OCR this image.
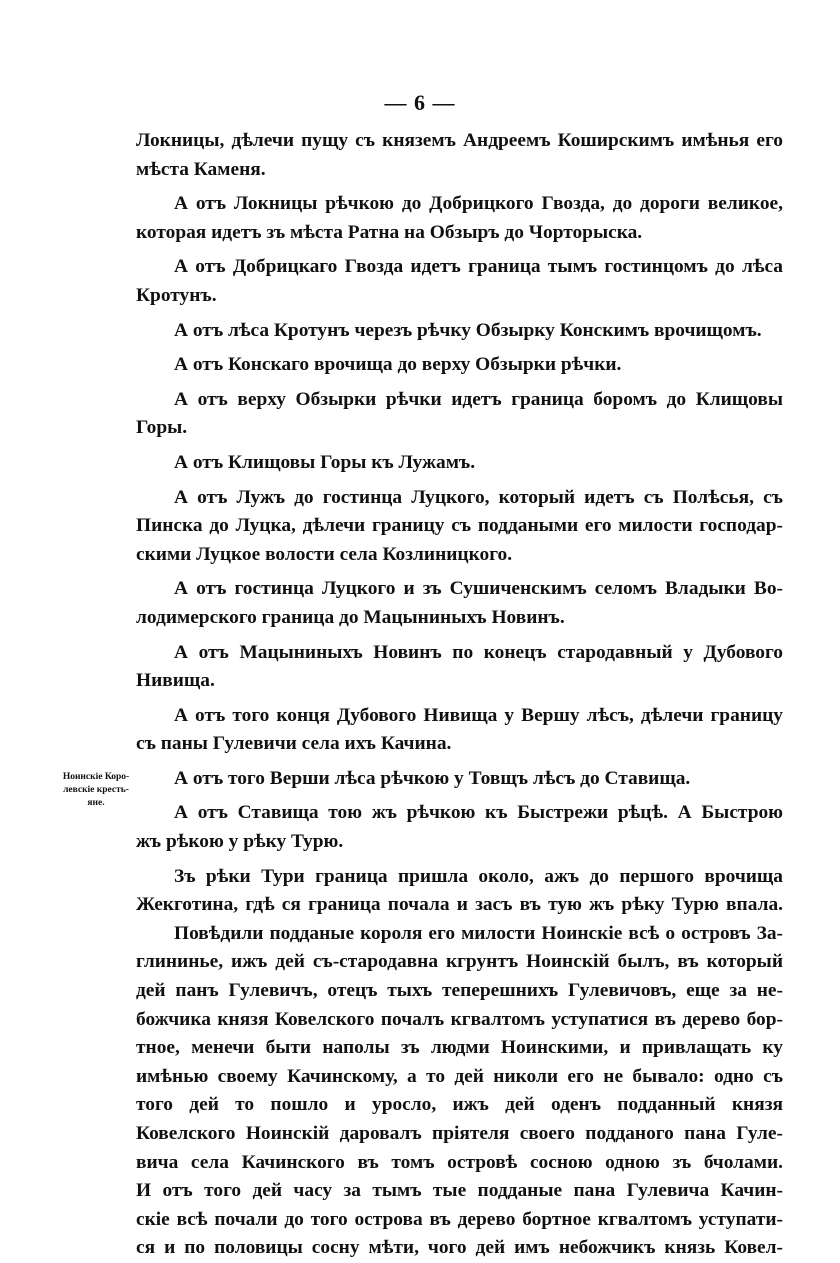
— 6 —
Ноинскіе Коро-
левскіе кресть-
яне.
Локницы, дѣлечи пущу съ княземъ Андреемъ Коширскимъ имѣнья его
мѣста Каменя.
А отъ Локницы рѣчкою до Добрицкого Гвозда, до дороги великое,
которая идетъ зъ мѣста Ратна на Обзыръ до Чорторыска.
А отъ Добрицкаго Гвозда идетъ граница тымъ гостинцомъ до лѣса
Кротунъ.
А отъ лѣса Кротунъ черезъ рѣчку Обзырку Конскимъ врочищомъ.
А отъ Конскаго врочища до верху Обзырки рѣчки.
А отъ верху Обзырки рѣчки идетъ граница боромъ до Клищовы
Горы.
А отъ Клищовы Горы къ Лужамъ.
А отъ Лужъ до гостинца Луцкого, который идетъ съ Полѣсья, съ
Пинска до Луцка, дѣлечи границу съ поддаными его милости господар-
скими Луцкое волости села Козлиницкого.
А отъ гостинца Луцкого и зъ Сушиченскимъ селомъ Владыки Во-
лодимерского граница до Мацыниныхъ Новинъ.
А отъ Мацыниныхъ Новинъ по конецъ стародавный у Дубового
Нивища.
А отъ того конця Дубового Нивища у Вершу лѣсъ, дѣлечи границу
съ паны Гулевичи села ихъ Качина.
А отъ того Верши лѣса рѣчкою у Товщъ лѣсъ до Ставища.
А отъ Ставища тою жъ рѣчкою къ Быстрежи рѣцѣ. А Быстрою
жъ рѣкою у рѣку Турю.
Зъ рѣки Тури граница пришла около, ажъ до першого врочища
Жекготина, гдѣ ся граница почала и засъ въ тую жъ рѣку Турю впала.
Повѣдили подданые короля его милости Ноинскіе всѣ о островъ За-
глининье, ижъ дей съ-стародавна кгрунтъ Ноинскій былъ, въ который
дей панъ Гулевичъ, отецъ тыхъ теперешнихъ Гулевичовъ, еще за не-
божчика князя Ковелского почалъ кгвалтомъ уступатися въ дерево бор-
тное, менечи быти наполы зъ людми Ноинскими, и привлащать ку
имѣнью своему Качинскому, а то дей николи его не бывало: одно съ
того дей то пошло и уросло, ижъ дей оденъ подданный князя
Ковелского Ноинскій даровалъ пріятеля своего подданого пана Гуле-
вича села Качинского въ томъ островѣ сосною одною зъ бчолами.
И отъ того дей часу за тымъ тые подданые пана Гулевича Качин-
скіе всѣ почали до того острова въ дерево бортное кгвалтомъ уступати-
ся и по половицы сосну мѣти, чого дей имъ небожчикъ князь Ковел-
